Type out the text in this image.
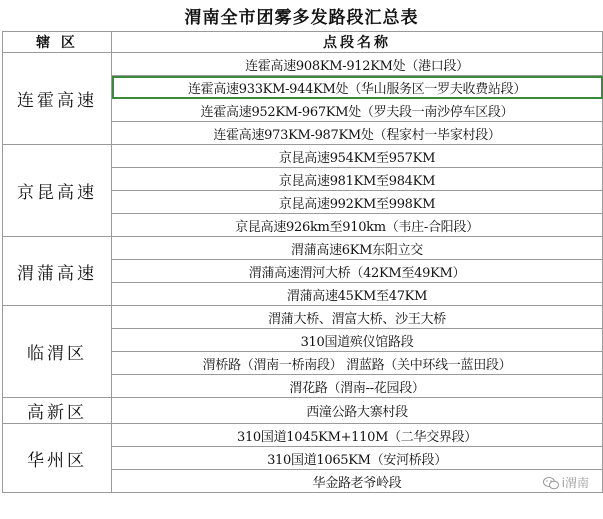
渭南全市团雾多发路段汇总表
辖 区	点段名称
连霍高速	连霍高速908KM-912KM处（港口段）
	连霍高速933KM-944KM处（华山服务区一罗夫收费站段）
	连霍高速952KM-967KM处（罗夫段一南沙停车区段）
	连霍高速973KM-987KM处（程家村一毕家村段）
京昆高速	京昆高速954KM至957KM
	京昆高速981KM至984KM
	京昆高速992KM至998KM
	京昆高速926km至910km（韦庄-合阳段）
渭蒲高速	渭蒲高速6KM东阳立交
	渭蒲高速渭河大桥（42KM至49KM）
	渭蒲高速45KM至47KM
临渭区	渭蒲大桥、渭富大桥、沙王大桥
	310国道殡仪馆路段
	渭桥路（渭南一桥南段） 渭蓝路（关中环线一蓝田段）
	渭花路（渭南--花园段）
高新区	西潼公路大寨村段
华州区	310国道1045KM+110M（二华交界段）
	310国道1065KM（安河桥段）
	华金路老爷岭段	i渭南
